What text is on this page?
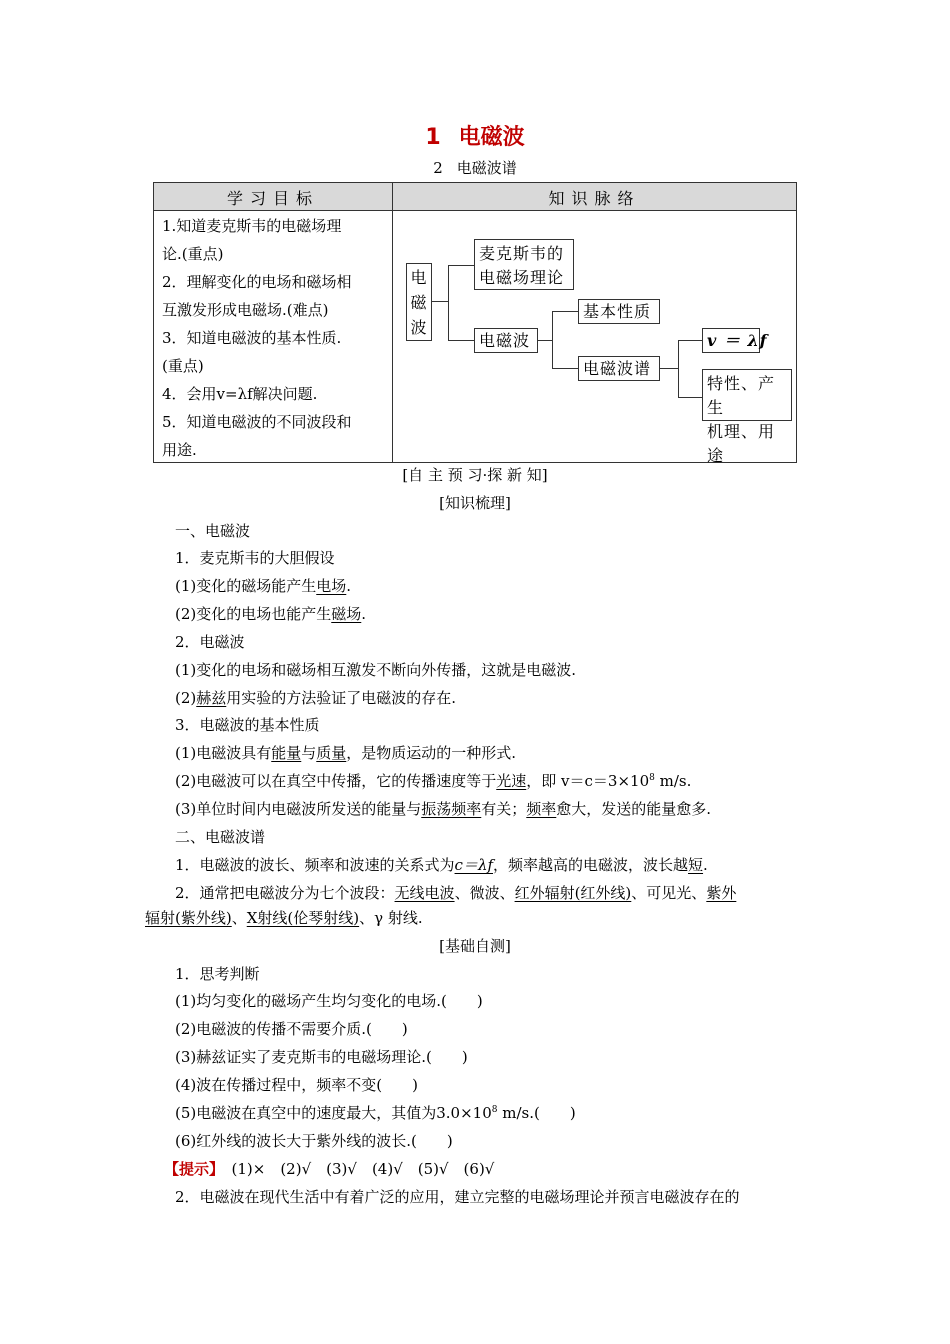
1 电磁波
2 电磁波谱
学习目标	知识脉络

1.知道麦克斯韦的电磁场理

论.(重点)

2．理解变化的电场和磁场相

互激发形成电磁场.(难点)

3．知道电磁波的基本性质.

(重点)

4．会用v=λf解决问题.

5．知道电磁波的不同波段和

用途.

电
磁
波
麦克斯韦的
电磁场理论
电磁波
基本性质
电磁波谱
v ＝ λf
特性、产生
机理、用途
[自 主 预 习·探 新 知]
[知识梳理]
一、电磁波
1．麦克斯韦的大胆假设
(1)变化的磁场能产生电场.
(2)变化的电场也能产生磁场.
2．电磁波
(1)变化的电场和磁场相互激发不断向外传播，这就是电磁波.
(2)赫兹用实验的方法验证了电磁波的存在.
3．电磁波的基本性质
(1)电磁波具有能量与质量，是物质运动的一种形式.
(2)电磁波可以在真空中传播，它的传播速度等于光速，即 $v=c=3\times 10^8$ m/s.
(3)单位时间内电磁波所发送的能量与振荡频率有关；频率愈大，发送的能量愈多.
二、电磁波谱
1．电磁波的波长、频率和波速的关系式为c＝λf，频率越高的电磁波，波长越短.
2．通常把电磁波分为七个波段：无线电波、微波、红外辐射(红外线)、可见光、紫外
辐射(紫外线)、X射线(伦琴射线)、γ 射线.
[基础自测]
1．思考判断
(1)均匀变化的磁场产生均匀变化的电场.(　　)
(2)电磁波的传播不需要介质.(　　)
(3)赫兹证实了麦克斯韦的电磁场理论.(　　)
(4)波在传播过程中，频率不变(　　)
(5)电磁波在真空中的速度最大，其值为$3.0\times 10^8$ m/s.(　　)
(6)红外线的波长大于紫外线的波长.(　　)
【提示】　(1)×　(2)√　(3)√　(4)√　(5)√　(6)√
2．电磁波在现代生活中有着广泛的应用，建立完整的电磁场理论并预言电磁波存在的
